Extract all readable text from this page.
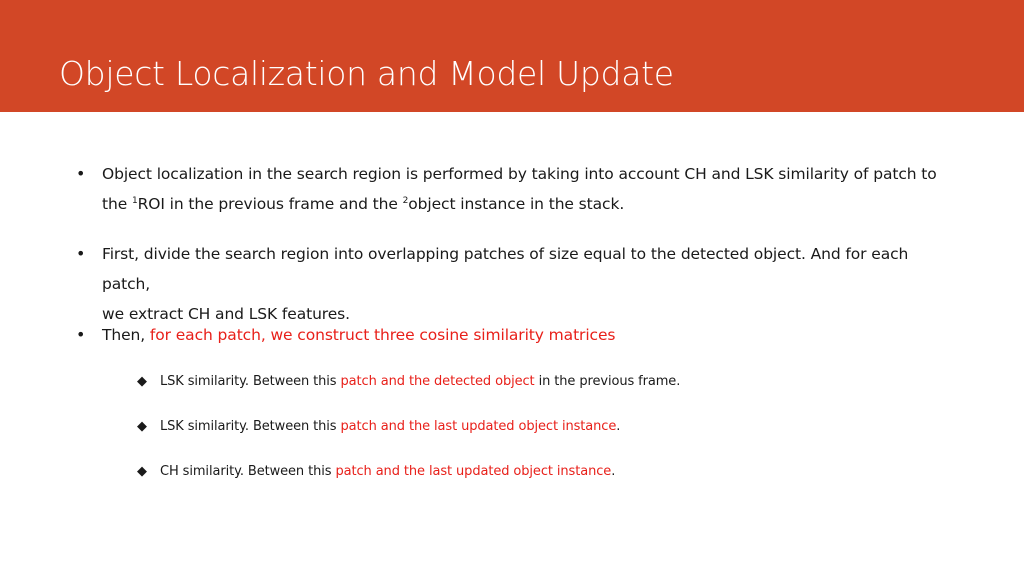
Object Localization and Model Update
• Object localization in the search region is performed by taking into account CH and LSK similarity of patch to
the $^1$ROI in the previous frame and the $^2$object instance in the stack.
• First, divide the search region into overlapping patches of size equal to the detected object. And for each patch,
we extract CH and LSK features.
• Then, for each patch, we construct three cosine similarity matrices
◆ LSK similarity. Between this patch and the detected object in the previous frame.
◆ LSK similarity. Between this patch and the last updated object instance.
◆ CH similarity. Between this patch and the last updated object instance.
